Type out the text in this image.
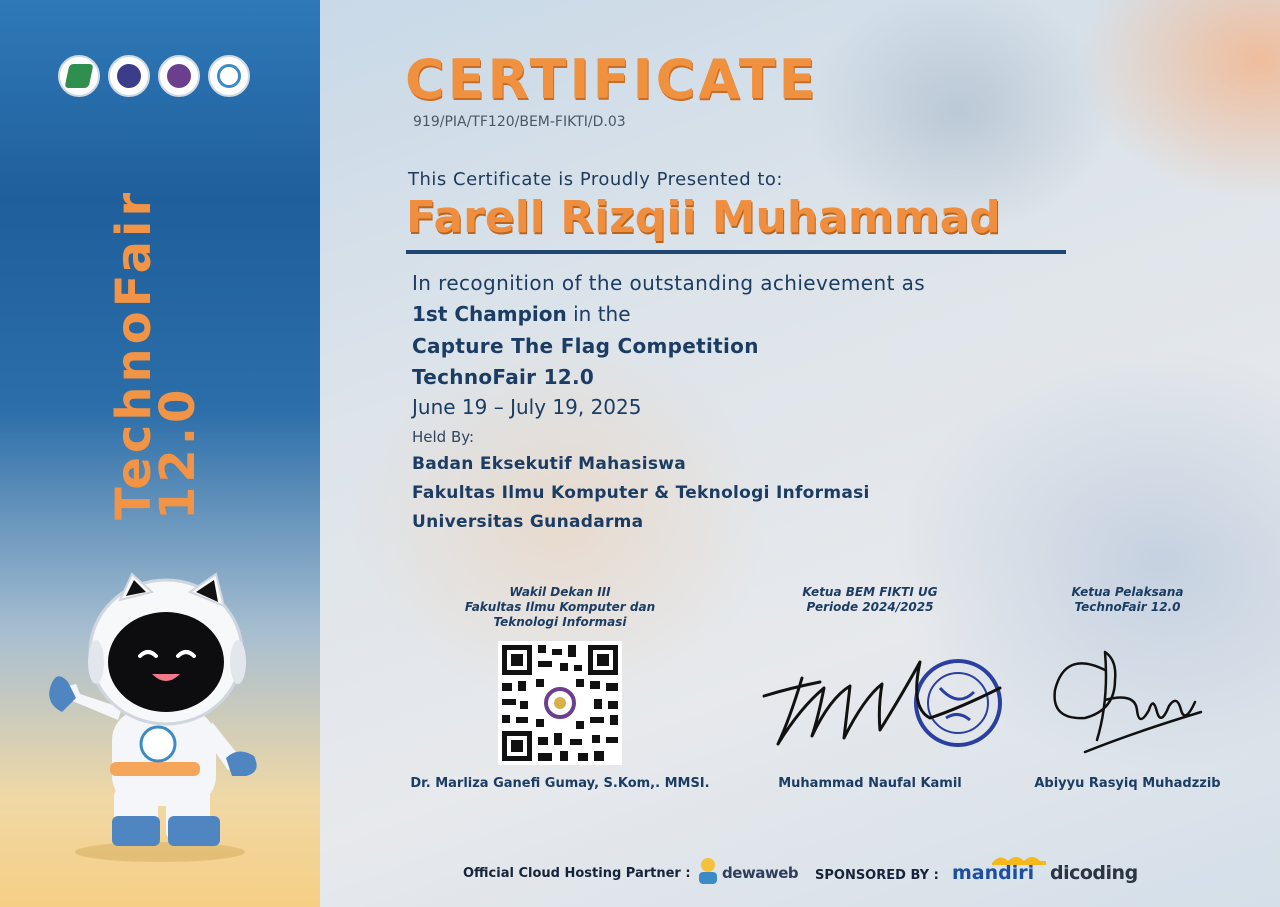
TechnoFair
12.0
CERTIFICATE
919/PIA/TF120/BEM-FIKTI/D.03
This Certificate is Proudly Presented to:
Farell Rizqii Muhammad
In recognition of the outstanding achievement as
1st Champion in the
Capture The Flag Competition
TechnoFair 12.0
June 19 – July 19, 2025
Held By:
Badan Eksekutif Mahasiswa
Fakultas Ilmu Komputer & Teknologi Informasi
Universitas Gunadarma
Wakil Dekan III
Fakultas Ilmu Komputer dan
Teknologi Informasi
Dr. Marliza Ganefi Gumay, S.Kom,. MMSI.
Ketua BEM FIKTI UG
Periode 2024/2025
Muhammad Naufal Kamil
Ketua Pelaksana
TechnoFair 12.0
Abiyyu Rasyiq Muhadzzib
Official Cloud Hosting Partner : dewaweb SPONSORED BY : mandiri dicoding
